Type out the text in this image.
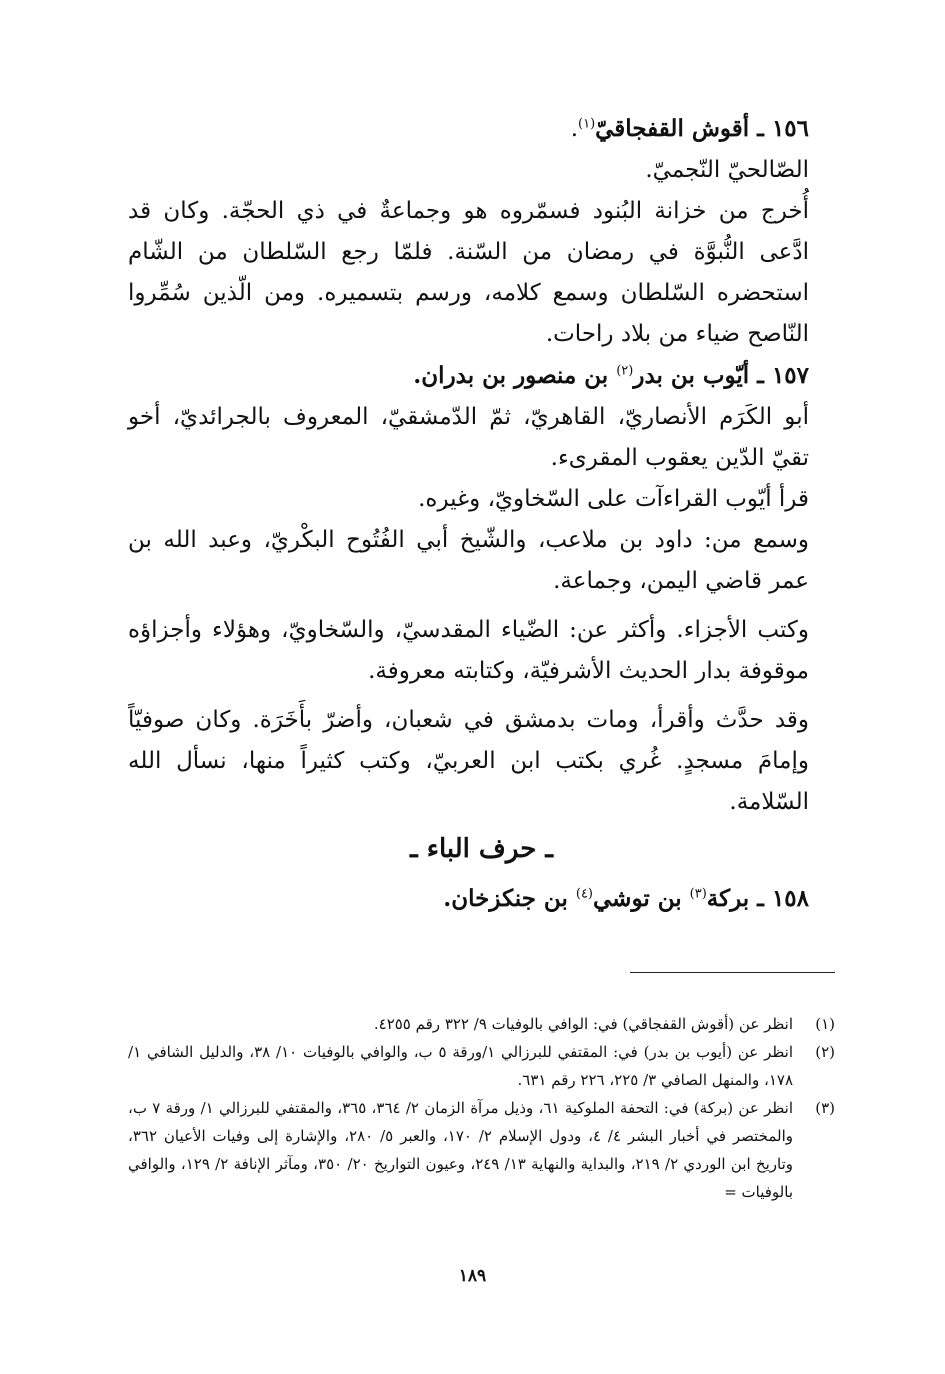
١٥٦ ـ أقوش القفجاقيّ$^{(١)}$.

الصّالحيّ النّجميّ.

أُخرج من خزانة البُنود فسمّروه هو وجماعةٌ في ذي الحجّة. وكان قد ادَّعى النُّبوَّة في رمضان من السّنة. فلمّا رجع السّلطان من الشّام استحضره السّلطان وسمع كلامه، ورسم بتسميره. ومن الّذين سُمِّروا النّاصح ضياء من بلاد راحات.

١٥٧ ـ أيّوب بن بدر$^{(٢)}$ بن منصور بن بدران.

أبو الكَرَم الأنصاريّ، القاهريّ، ثمّ الدّمشقيّ، المعروف بالجرائديّ، أخو تقيّ الدّين يعقوب المقرىء.

قرأ أيّوب القراءآت على السّخاويّ، وغيره.

وسمع من: داود بن ملاعب، والشّيخ أبي الفُتُوح البكْريّ، وعبد الله بن عمر قاضي اليمن، وجماعة.

وكتب الأجزاء. وأكثر عن: الضّياء المقدسيّ، والسّخاويّ، وهؤلاء وأجزاؤه موقوفة بدار الحديث الأشرفيّة، وكتابته معروفة.

وقد حدَّث وأقرأ، ومات بدمشق في شعبان، وأضرّ بأَخَرَة. وكان صوفيّاً وإمامَ مسجدٍ. غُري بكتب ابن العربيّ، وكتب كثيراً منها، نسأل الله السّلامة.

ـ حرف الباء ـ

١٥٨ ـ بركة$^{(٣)}$ بن توشي$^{(٤)}$ بن جنكزخان.

(١)
انظر عن (أقوش القفجاقي) في: الوافي بالوفيات ٩/ ٣٢٢ رقم ٤٢٥٥.
(٢)
انظر عن (أيوب بن بدر) في: المقتفي للبرزالي ١/ورقة ٥ ب، والوافي بالوفيات ١٠/ ٣٨، والدليل الشافي ١/ ١٧٨، والمنهل الصافي ٣/ ٢٢٥، ٢٢٦ رقم ٦٣١.
(٣)
انظر عن (بركة) في: التحفة الملوكية ٦١، وذيل مرآة الزمان ٢/ ٣٦٤، ٣٦٥، والمقتفي للبرزالي ١/ ورقة ٧ ب، والمختصر في أخبار البشر ٤/ ٤، ودول الإسلام ٢/ ١٧٠، والعبر ٥/ ٢٨٠، والإشارة إلى وفيات الأعيان ٣٦٢، وتاريخ ابن الوردي ٢/ ٢١٩، والبداية والنهاية ١٣/ ٢٤٩، وعيون التواريخ ٢٠/ ٣٥٠، ومآثر الإنافة ٢/ ١٢٩، والوافي بالوفيات =
١٨٩
